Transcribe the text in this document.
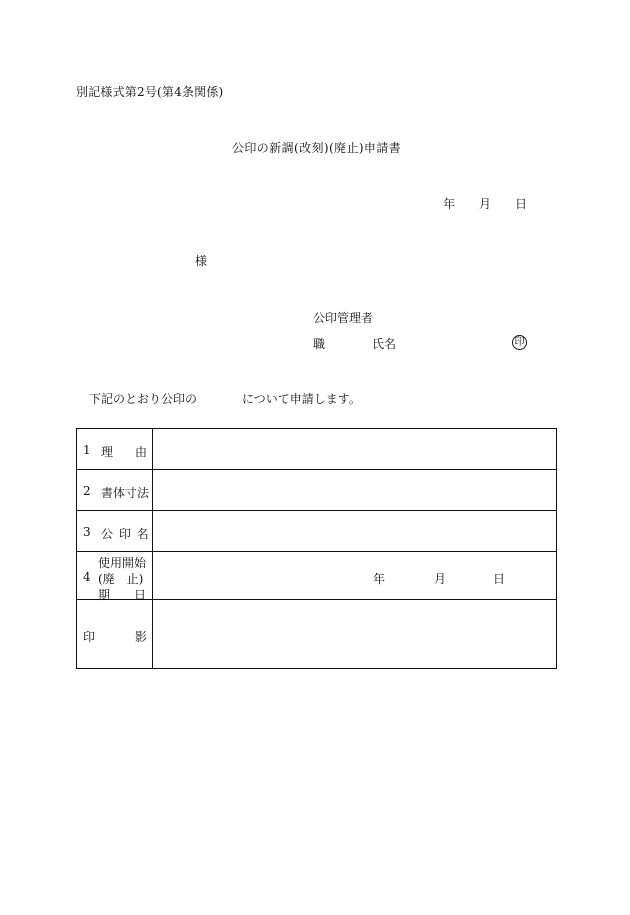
別記様式第2号(第4条関係)
公印の新調(改刻)(廃止)申請書
年 月 日
様
公印管理者
職	氏名	印
下記のとおり公印の	について申請します。
1 理 由	

2 書体寸法	

3 公 印 名	

4
使用開始
(廃　止)
期　　日	年 月 日

印 影	
